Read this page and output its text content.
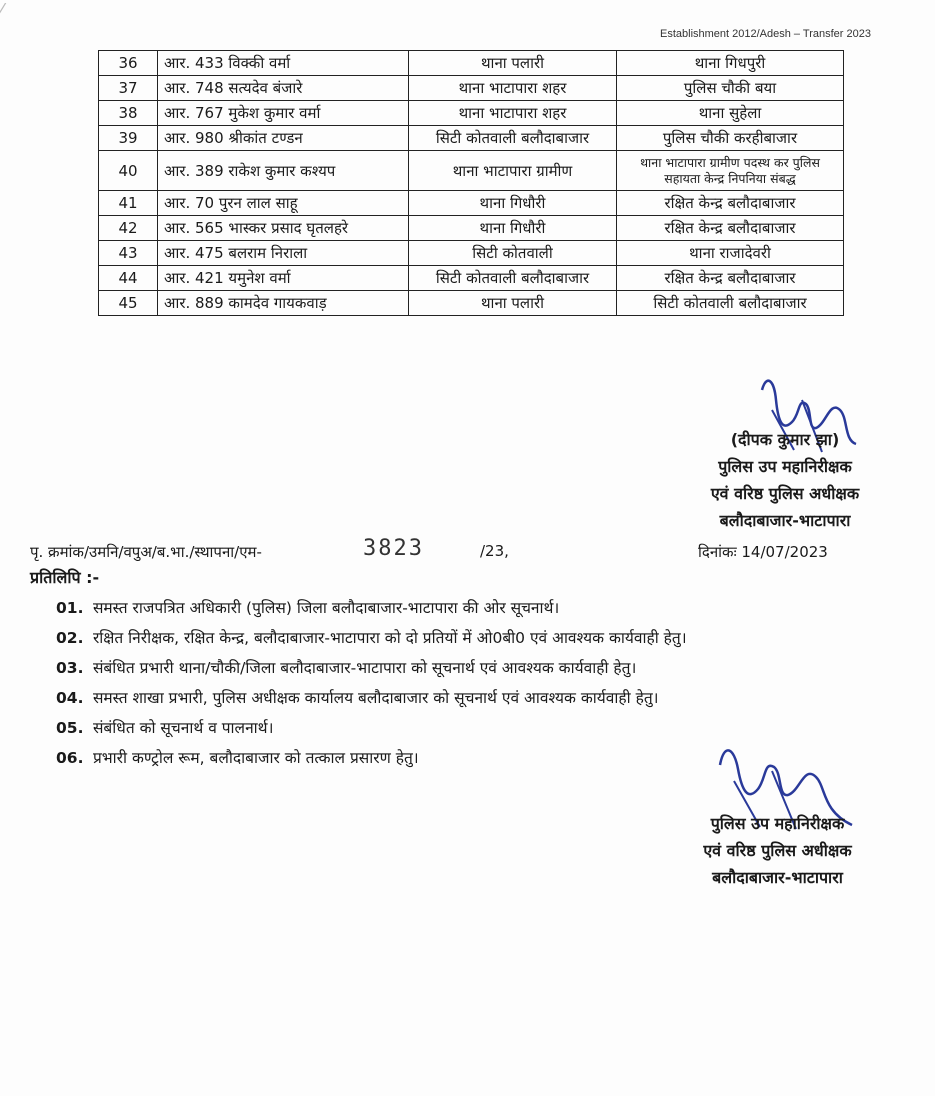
⁄
Establishment 2012/Adesh – Transfer 2023
36	आर. 433 विक्की वर्मा	थाना पलारी	थाना गिधपुरी
37	आर. 748 सत्यदेव बंजारे	थाना भाटापारा शहर	पुलिस चौकी बया
38	आर. 767 मुकेश कुमार वर्मा	थाना भाटापारा शहर	थाना सुहेला
39	आर. 980 श्रीकांत टण्डन	सिटी कोतवाली बलौदाबाजार	पुलिस चौकी करहीबाजार
40	आर. 389 राकेश कुमार कश्यप	थाना भाटापारा ग्रामीण	थाना भाटापारा ग्रामीण पदस्थ कर पुलिस सहायता केन्द्र निपनिया संबद्ध
41	आर. 70 पुरन लाल साहू	थाना गिधौरी	रक्षित केन्द्र बलौदाबाजार
42	आर. 565 भास्कर प्रसाद घृतलहरे	थाना गिधौरी	रक्षित केन्द्र बलौदाबाजार
43	आर. 475 बलराम निराला	सिटी कोतवाली	थाना राजादेवरी
44	आर. 421 यमुनेश वर्मा	सिटी कोतवाली बलौदाबाजार	रक्षित केन्द्र बलौदाबाजार
45	आर. 889 कामदेव गायकवाड़	थाना पलारी	सिटी कोतवाली बलौदाबाजार
(दीपक कुमार झा)
पुलिस उप महानिरीक्षक
एवं वरिष्ठ पुलिस अधीक्षक
बलौदाबाजार-भाटापारा
पृ. क्रमांक/उमनि/वपुअ/ब.भा./स्थापना/एम-	3823	/23,	दिनांकः 14/07/2023
प्रतिलिपि :-
01. समस्त राजपत्रित अधिकारी (पुलिस) जिला बलौदाबाजार-भाटापारा की ओर सूचनार्थ।
02. रक्षित निरीक्षक, रक्षित केन्द्र, बलौदाबाजार-भाटापारा को दो प्रतियों में ओ0बी0 एवं आवश्यक कार्यवाही हेतु।
03. संबंधित प्रभारी थाना/चौकी/जिला बलौदाबाजार-भाटापारा को सूचनार्थ एवं आवश्यक कार्यवाही हेतु।
04. समस्त शाखा प्रभारी, पुलिस अधीक्षक कार्यालय बलौदाबाजार को सूचनार्थ एवं आवश्यक कार्यवाही हेतु।
05. संबंधित को सूचनार्थ व पालनार्थ।
06. प्रभारी कण्ट्रोल रूम, बलौदाबाजार को तत्काल प्रसारण हेतु।
पुलिस उप महानिरीक्षक
एवं वरिष्ठ पुलिस अधीक्षक
बलौदाबाजार-भाटापारा
